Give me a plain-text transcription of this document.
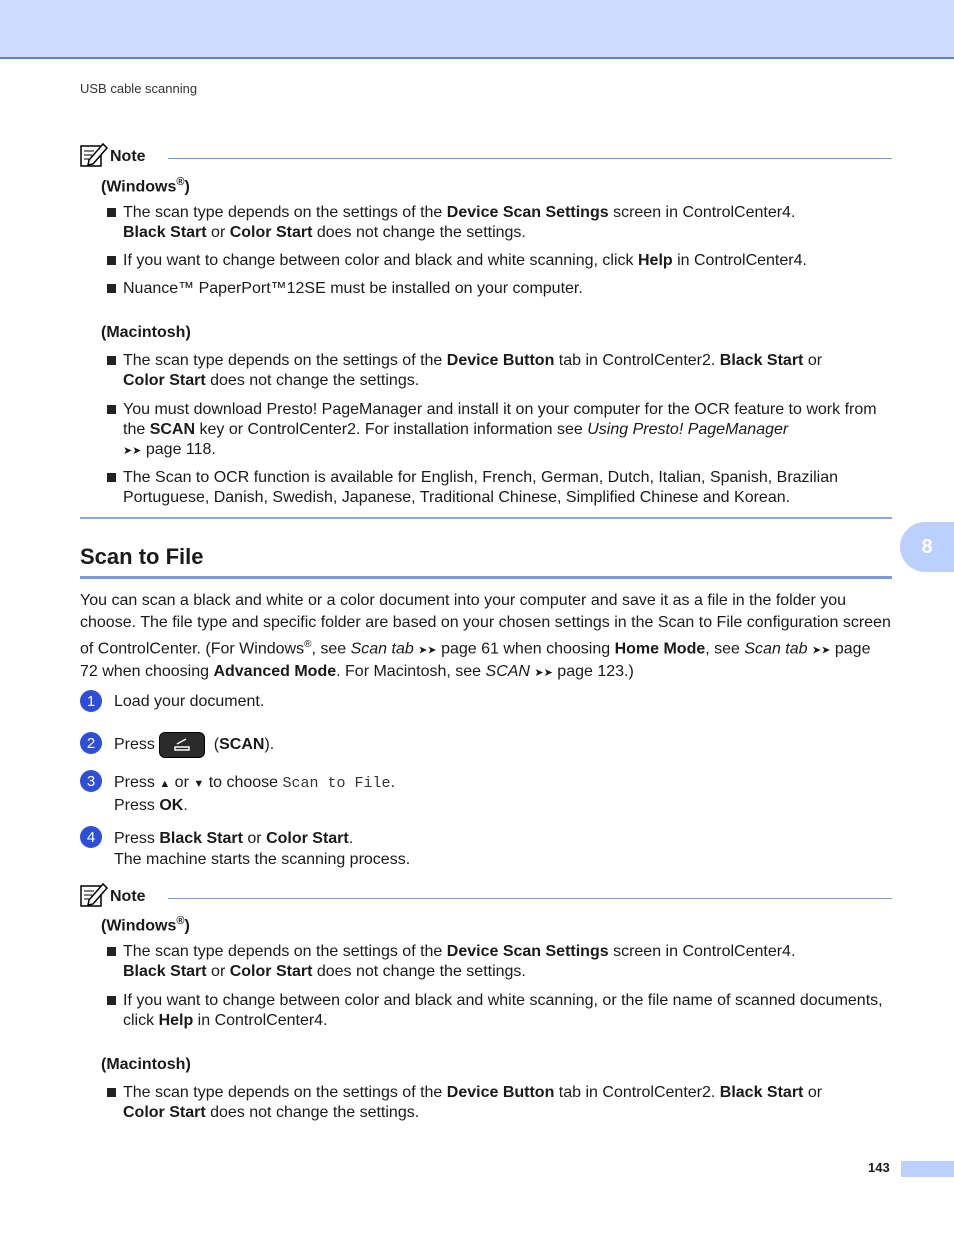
USB cable scanning
Note
(Windows®)
The scan type depends on the settings of the Device Scan Settings screen in ControlCenter4.
Black Start or Color Start does not change the settings.
If you want to change between color and black and white scanning, click Help in ControlCenter4.
Nuance™ PaperPort™12SE must be installed on your computer.
(Macintosh)
The scan type depends on the settings of the Device Button tab in ControlCenter2. Black Start or
Color Start does not change the settings.
You must download Presto! PageManager and install it on your computer for the OCR feature to work from the SCAN key or ControlCenter2. For installation information see Using Presto! PageManager
➤➤ page 118.
The Scan to OCR function is available for English, French, German, Dutch, Italian, Spanish, Brazilian Portuguese, Danish, Swedish, Japanese, Traditional Chinese, Simplified Chinese and Korean.
8
Scan to File
You can scan a black and white or a color document into your computer and save it as a file in the folder you choose. The file type and specific folder are based on your chosen settings in the Scan to File configuration screen of ControlCenter. (For Windows®, see Scan tab ➤➤ page 61 when choosing Home Mode, see Scan tab ➤➤ page 72 when choosing Advanced Mode. For Macintosh, see SCAN ➤➤ page 123.)
1	Load your document.
2	Press	(SCAN).
3	Press ▲ or ▼ to choose Scan to File.
Press OK.
4	Press Black Start or Color Start.
The machine starts the scanning process.
Note
(Windows®)
The scan type depends on the settings of the Device Scan Settings screen in ControlCenter4.
Black Start or Color Start does not change the settings.
If you want to change between color and black and white scanning, or the file name of scanned documents, click Help in ControlCenter4.
(Macintosh)
The scan type depends on the settings of the Device Button tab in ControlCenter2. Black Start or
Color Start does not change the settings.
143
